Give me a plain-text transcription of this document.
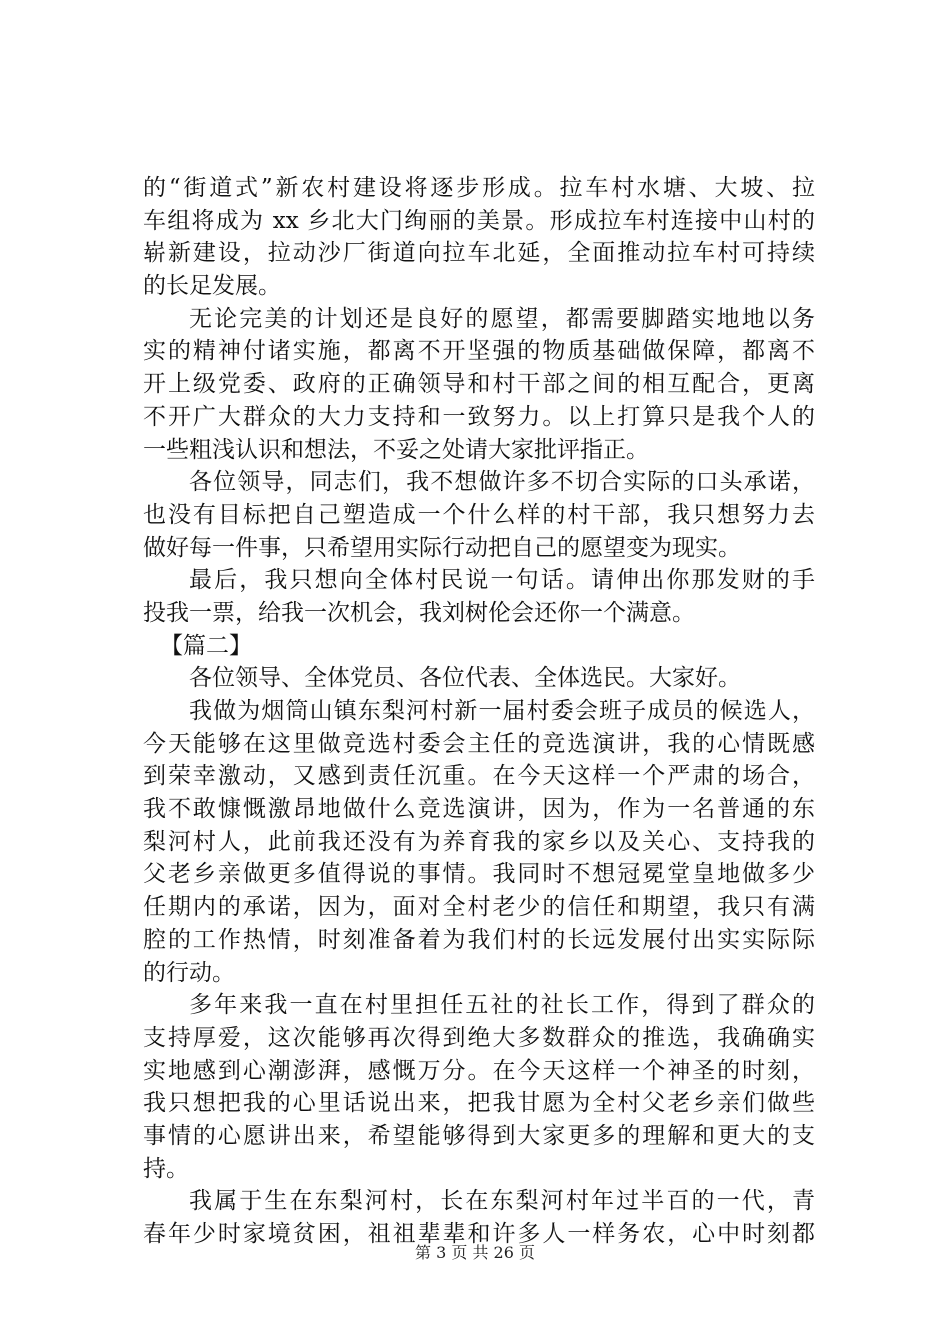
的“街道式”新农村建设将逐步形成。拉车村水塘、大坡、拉
车组将成为 xx 乡北大门绚丽的美景。形成拉车村连接中山村的
崭新建设，拉动沙厂街道向拉车北延，全面推动拉车村可持续
的长足发展。
无论完美的计划还是良好的愿望，都需要脚踏实地地以务
实的精神付诸实施，都离不开坚强的物质基础做保障，都离不
开上级党委、政府的正确领导和村干部之间的相互配合，更离
不开广大群众的大力支持和一致努力。以上打算只是我个人的
一些粗浅认识和想法，不妥之处请大家批评指正。
各位领导，同志们，我不想做许多不切合实际的口头承诺，
也没有目标把自己塑造成一个什么样的村干部，我只想努力去
做好每一件事，只希望用实际行动把自己的愿望变为现实。
最后，我只想向全体村民说一句话。请伸出你那发财的手
投我一票，给我一次机会，我刘树伦会还你一个满意。
【篇二】
各位领导、全体党员、各位代表、全体选民。大家好。
我做为烟筒山镇东梨河村新一届村委会班子成员的候选人，
今天能够在这里做竞选村委会主任的竞选演讲，我的心情既感
到荣幸激动，又感到责任沉重。在今天这样一个严肃的场合，
我不敢慷慨激昂地做什么竞选演讲，因为，作为一名普通的东
梨河村人，此前我还没有为养育我的家乡以及关心、支持我的
父老乡亲做更多值得说的事情。我同时不想冠冕堂皇地做多少
任期内的承诺，因为，面对全村老少的信任和期望，我只有满
腔的工作热情，时刻准备着为我们村的长远发展付出实实际际
的行动。
多年来我一直在村里担任五社的社长工作，得到了群众的
支持厚爱，这次能够再次得到绝大多数群众的推选，我确确实
实地感到心潮澎湃，感慨万分。在今天这样一个神圣的时刻，
我只想把我的心里话说出来，把我甘愿为全村父老乡亲们做些
事情的心愿讲出来，希望能够得到大家更多的理解和更大的支
持。
我属于生在东梨河村，长在东梨河村年过半百的一代，青
春年少时家境贫困，祖祖辈辈和许多人一样务农，心中时刻都
第 3 页 共 26 页
